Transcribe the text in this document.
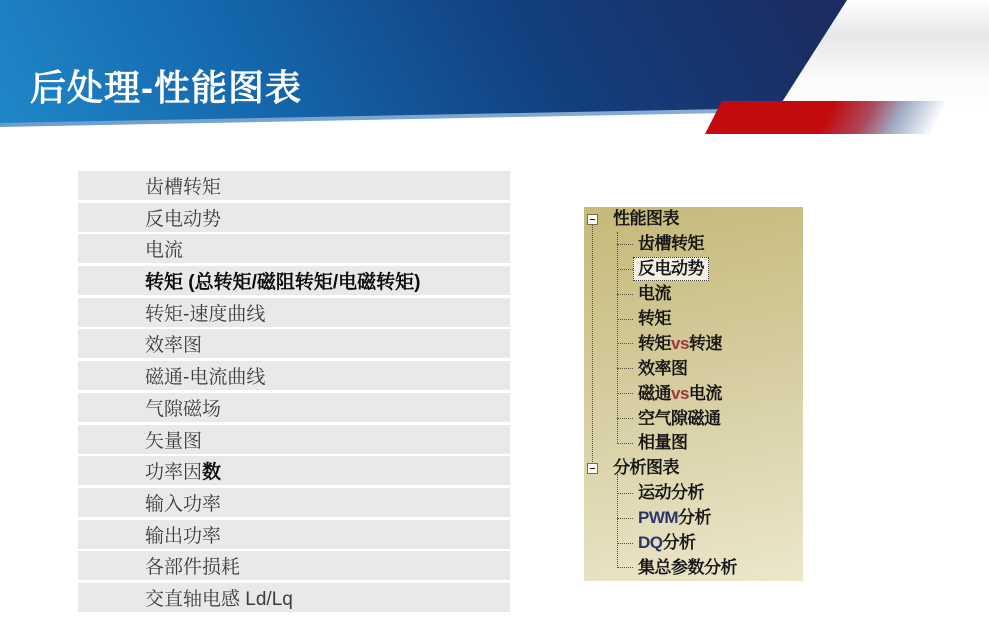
后处理-性能图表
齿槽转矩
反电动势
电流
转矩 (总转矩/磁阻转矩/电磁转矩)
转矩-速度曲线
效率图
磁通-电流曲线
气隙磁场
矢量图
功率因 数
输入功率
输出功率
各部件损耗
交直轴电感 Ld/Lq
性能图表
齿槽转矩
反电动势
电流
转矩
转矩vs转速
效率图
磁通vs电流
空气隙磁通
相量图
分析图表
运动分析
PWM分析
DQ分析
集总参数分析
